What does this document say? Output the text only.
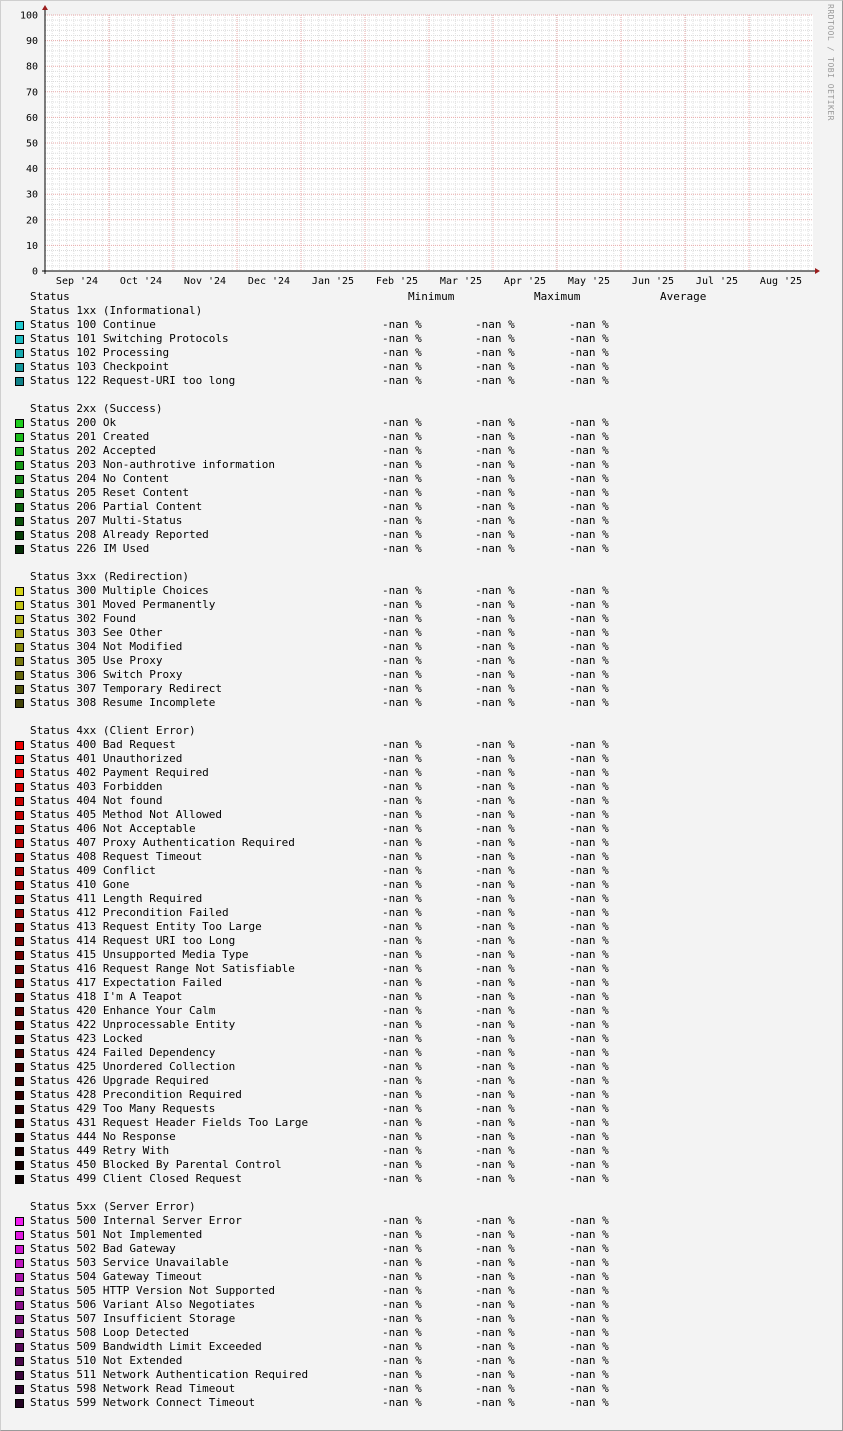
0
10
20
30
40
50
60
70
80
90
100
Sep '24 Oct '24 Nov '24 Dec '24 Jan '25 Feb '25 Mar '25 Apr '25 May '25 Jun '25 Jul '25 Aug '25
RRDTOOL / TOBI OETIKER
Status	Minimum	Maximum	Average
Status 1xx (Informational)
Status 100 Continue	-nan %	-nan %	-nan %
Status 101 Switching Protocols	-nan %	-nan %	-nan %
Status 102 Processing	-nan %	-nan %	-nan %
Status 103 Checkpoint	-nan %	-nan %	-nan %
Status 122 Request-URI too long	-nan %	-nan %	-nan %
Status 2xx (Success)
Status 200 Ok	-nan %	-nan %	-nan %
Status 201 Created	-nan %	-nan %	-nan %
Status 202 Accepted	-nan %	-nan %	-nan %
Status 203 Non-authrotive information	-nan %	-nan %	-nan %
Status 204 No Content	-nan %	-nan %	-nan %
Status 205 Reset Content	-nan %	-nan %	-nan %
Status 206 Partial Content	-nan %	-nan %	-nan %
Status 207 Multi-Status	-nan %	-nan %	-nan %
Status 208 Already Reported	-nan %	-nan %	-nan %
Status 226 IM Used	-nan %	-nan %	-nan %
Status 3xx (Redirection)
Status 300 Multiple Choices	-nan %	-nan %	-nan %
Status 301 Moved Permanently	-nan %	-nan %	-nan %
Status 302 Found	-nan %	-nan %	-nan %
Status 303 See Other	-nan %	-nan %	-nan %
Status 304 Not Modified	-nan %	-nan %	-nan %
Status 305 Use Proxy	-nan %	-nan %	-nan %
Status 306 Switch Proxy	-nan %	-nan %	-nan %
Status 307 Temporary Redirect	-nan %	-nan %	-nan %
Status 308 Resume Incomplete	-nan %	-nan %	-nan %
Status 4xx (Client Error)
Status 400 Bad Request	-nan %	-nan %	-nan %
Status 401 Unauthorized	-nan %	-nan %	-nan %
Status 402 Payment Required	-nan %	-nan %	-nan %
Status 403 Forbidden	-nan %	-nan %	-nan %
Status 404 Not found	-nan %	-nan %	-nan %
Status 405 Method Not Allowed	-nan %	-nan %	-nan %
Status 406 Not Acceptable	-nan %	-nan %	-nan %
Status 407 Proxy Authentication Required	-nan %	-nan %	-nan %
Status 408 Request Timeout	-nan %	-nan %	-nan %
Status 409 Conflict	-nan %	-nan %	-nan %
Status 410 Gone	-nan %	-nan %	-nan %
Status 411 Length Required	-nan %	-nan %	-nan %
Status 412 Precondition Failed	-nan %	-nan %	-nan %
Status 413 Request Entity Too Large	-nan %	-nan %	-nan %
Status 414 Request URI too Long	-nan %	-nan %	-nan %
Status 415 Unsupported Media Type	-nan %	-nan %	-nan %
Status 416 Request Range Not Satisfiable	-nan %	-nan %	-nan %
Status 417 Expectation Failed	-nan %	-nan %	-nan %
Status 418 I'm A Teapot	-nan %	-nan %	-nan %
Status 420 Enhance Your Calm	-nan %	-nan %	-nan %
Status 422 Unprocessable Entity	-nan %	-nan %	-nan %
Status 423 Locked	-nan %	-nan %	-nan %
Status 424 Failed Dependency	-nan %	-nan %	-nan %
Status 425 Unordered Collection	-nan %	-nan %	-nan %
Status 426 Upgrade Required	-nan %	-nan %	-nan %
Status 428 Precondition Required	-nan %	-nan %	-nan %
Status 429 Too Many Requests	-nan %	-nan %	-nan %
Status 431 Request Header Fields Too Large	-nan %	-nan %	-nan %
Status 444 No Response	-nan %	-nan %	-nan %
Status 449 Retry With	-nan %	-nan %	-nan %
Status 450 Blocked By Parental Control	-nan %	-nan %	-nan %
Status 499 Client Closed Request	-nan %	-nan %	-nan %
Status 5xx (Server Error)
Status 500 Internal Server Error	-nan %	-nan %	-nan %
Status 501 Not Implemented	-nan %	-nan %	-nan %
Status 502 Bad Gateway	-nan %	-nan %	-nan %
Status 503 Service Unavailable	-nan %	-nan %	-nan %
Status 504 Gateway Timeout	-nan %	-nan %	-nan %
Status 505 HTTP Version Not Supported	-nan %	-nan %	-nan %
Status 506 Variant Also Negotiates	-nan %	-nan %	-nan %
Status 507 Insufficient Storage	-nan %	-nan %	-nan %
Status 508 Loop Detected	-nan %	-nan %	-nan %
Status 509 Bandwidth Limit Exceeded	-nan %	-nan %	-nan %
Status 510 Not Extended	-nan %	-nan %	-nan %
Status 511 Network Authentication Required	-nan %	-nan %	-nan %
Status 598 Network Read Timeout	-nan %	-nan %	-nan %
Status 599 Network Connect Timeout	-nan %	-nan %	-nan %
